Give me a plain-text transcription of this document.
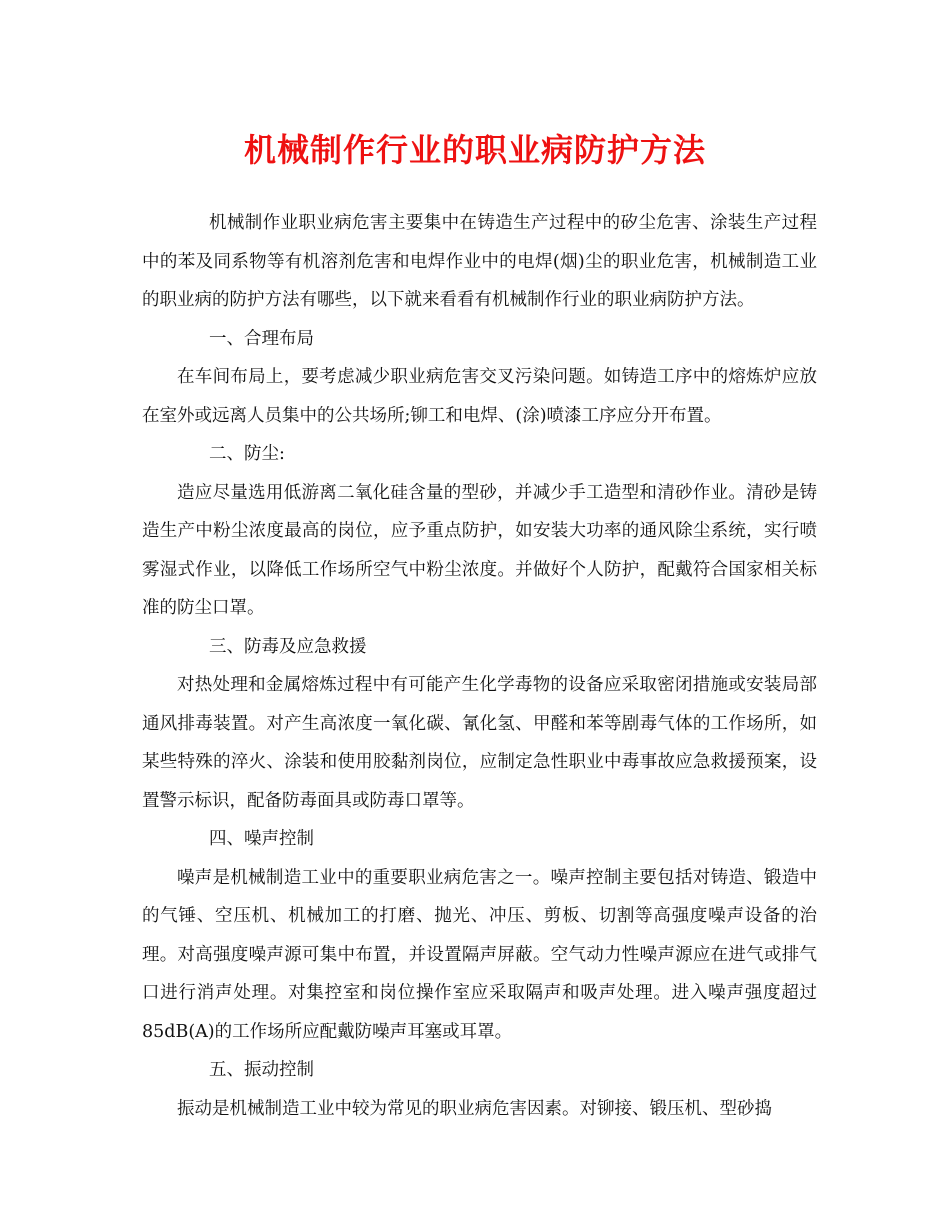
机械制作行业的职业病防护方法

机械制作业职业病危害主要集中在铸造生产过程中的矽尘危害、涂装生产过程中的苯及同系物等有机溶剂危害和电焊作业中的电焊(烟)尘的职业危害，机械制造工业的职业病的防护方法有哪些，以下就来看看有机械制作行业的职业病防护方法。

一、合理布局

在车间布局上，要考虑减少职业病危害交叉污染问题。如铸造工序中的熔炼炉应放在室外或远离人员集中的公共场所;铆工和电焊、(涂)喷漆工序应分开布置。

二、防尘:

造应尽量选用低游离二氧化硅含量的型砂，并减少手工造型和清砂作业。清砂是铸造生产中粉尘浓度最高的岗位，应予重点防护，如安装大功率的通风除尘系统，实行喷雾湿式作业，以降低工作场所空气中粉尘浓度。并做好个人防护，配戴符合国家相关标准的防尘口罩。

三、防毒及应急救援

对热处理和金属熔炼过程中有可能产生化学毒物的设备应采取密闭措施或安装局部通风排毒装置。对产生高浓度一氧化碳、氰化氢、甲醛和苯等剧毒气体的工作场所，如某些特殊的淬火、涂装和使用胶黏剂岗位，应制定急性职业中毒事故应急救援预案，设置警示标识，配备防毒面具或防毒口罩等。

四、噪声控制

噪声是机械制造工业中的重要职业病危害之一。噪声控制主要包括对铸造、锻造中的气锤、空压机、机械加工的打磨、抛光、冲压、剪板、切割等高强度噪声设备的治理。对高强度噪声源可集中布置，并设置隔声屏蔽。空气动力性噪声源应在进气或排气口进行消声处理。对集控室和岗位操作室应采取隔声和吸声处理。进入噪声强度超过85dB(A)的工作场所应配戴防噪声耳塞或耳罩。

五、振动控制

振动是机械制造工业中较为常见的职业病危害因素。对铆接、锻压机、型砂捣
